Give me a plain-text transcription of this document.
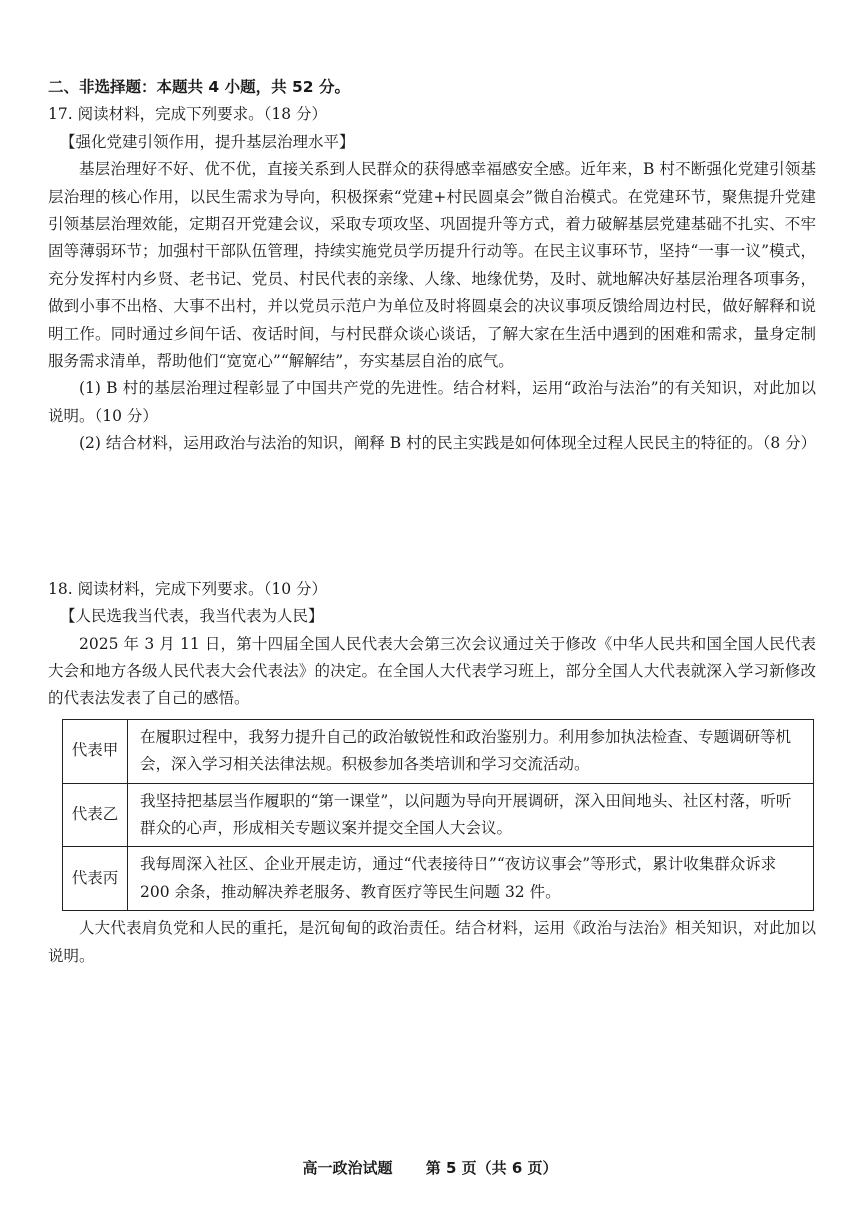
二、非选择题：本题共 4 小题，共 52 分。

17. 阅读材料，完成下列要求。（18 分）

【强化党建引领作用，提升基层治理水平】

基层治理好不好、优不优，直接关系到人民群众的获得感幸福感安全感。近年来，B 村不断强化党建引领基层治理的核心作用，以民生需求为导向，积极探索“党建+村民圆桌会”微自治模式。在党建环节，聚焦提升党建引领基层治理效能，定期召开党建会议，采取专项攻坚、巩固提升等方式，着力破解基层党建基础不扎实、不牢固等薄弱环节；加强村干部队伍管理，持续实施党员学历提升行动等。在民主议事环节，坚持“一事一议”模式，充分发挥村内乡贤、老书记、党员、村民代表的亲缘、人缘、地缘优势，及时、就地解决好基层治理各项事务，做到小事不出格、大事不出村，并以党员示范户为单位及时将圆桌会的决议事项反馈给周边村民，做好解释和说明工作。同时通过乡间午话、夜话时间，与村民群众谈心谈话，了解大家在生活中遇到的困难和需求，量身定制服务需求清单，帮助他们“宽宽心”“解解结”，夯实基层自治的底气。

(1) B 村的基层治理过程彰显了中国共产党的先进性。结合材料，运用“政治与法治”的有关知识，对此加以说明。（10 分）

(2) 结合材料，运用政治与法治的知识，阐释 B 村的民主实践是如何体现全过程人民民主的特征的。（8 分）

18. 阅读材料，完成下列要求。（10 分）

【人民选我当代表，我当代表为人民】

2025 年 3 月 11 日，第十四届全国人民代表大会第三次会议通过关于修改《中华人民共和国全国人民代表大会和地方各级人民代表大会代表法》的决定。在全国人大代表学习班上，部分全国人大代表就深入学习新修改的代表法发表了自己的感悟。

代表甲	在履职过程中，我努力提升自己的政治敏锐性和政治鉴别力。利用参加执法检查、专题调研等机会，深入学习相关法律法规。积极参加各类培训和学习交流活动。
代表乙	我坚持把基层当作履职的“第一课堂”，以问题为导向开展调研，深入田间地头、社区村落，听听群众的心声，形成相关专题议案并提交全国人大会议。
代表丙	我每周深入社区、企业开展走访，通过“代表接待日”“夜访议事会”等形式，累计收集群众诉求 200 余条，推动解决养老服务、教育医疗等民生问题 32 件。

人大代表肩负党和人民的重托，是沉甸甸的政治责任。结合材料，运用《政治与法治》相关知识，对此加以说明。

高一政治试题 第 5 页（共 6 页）
